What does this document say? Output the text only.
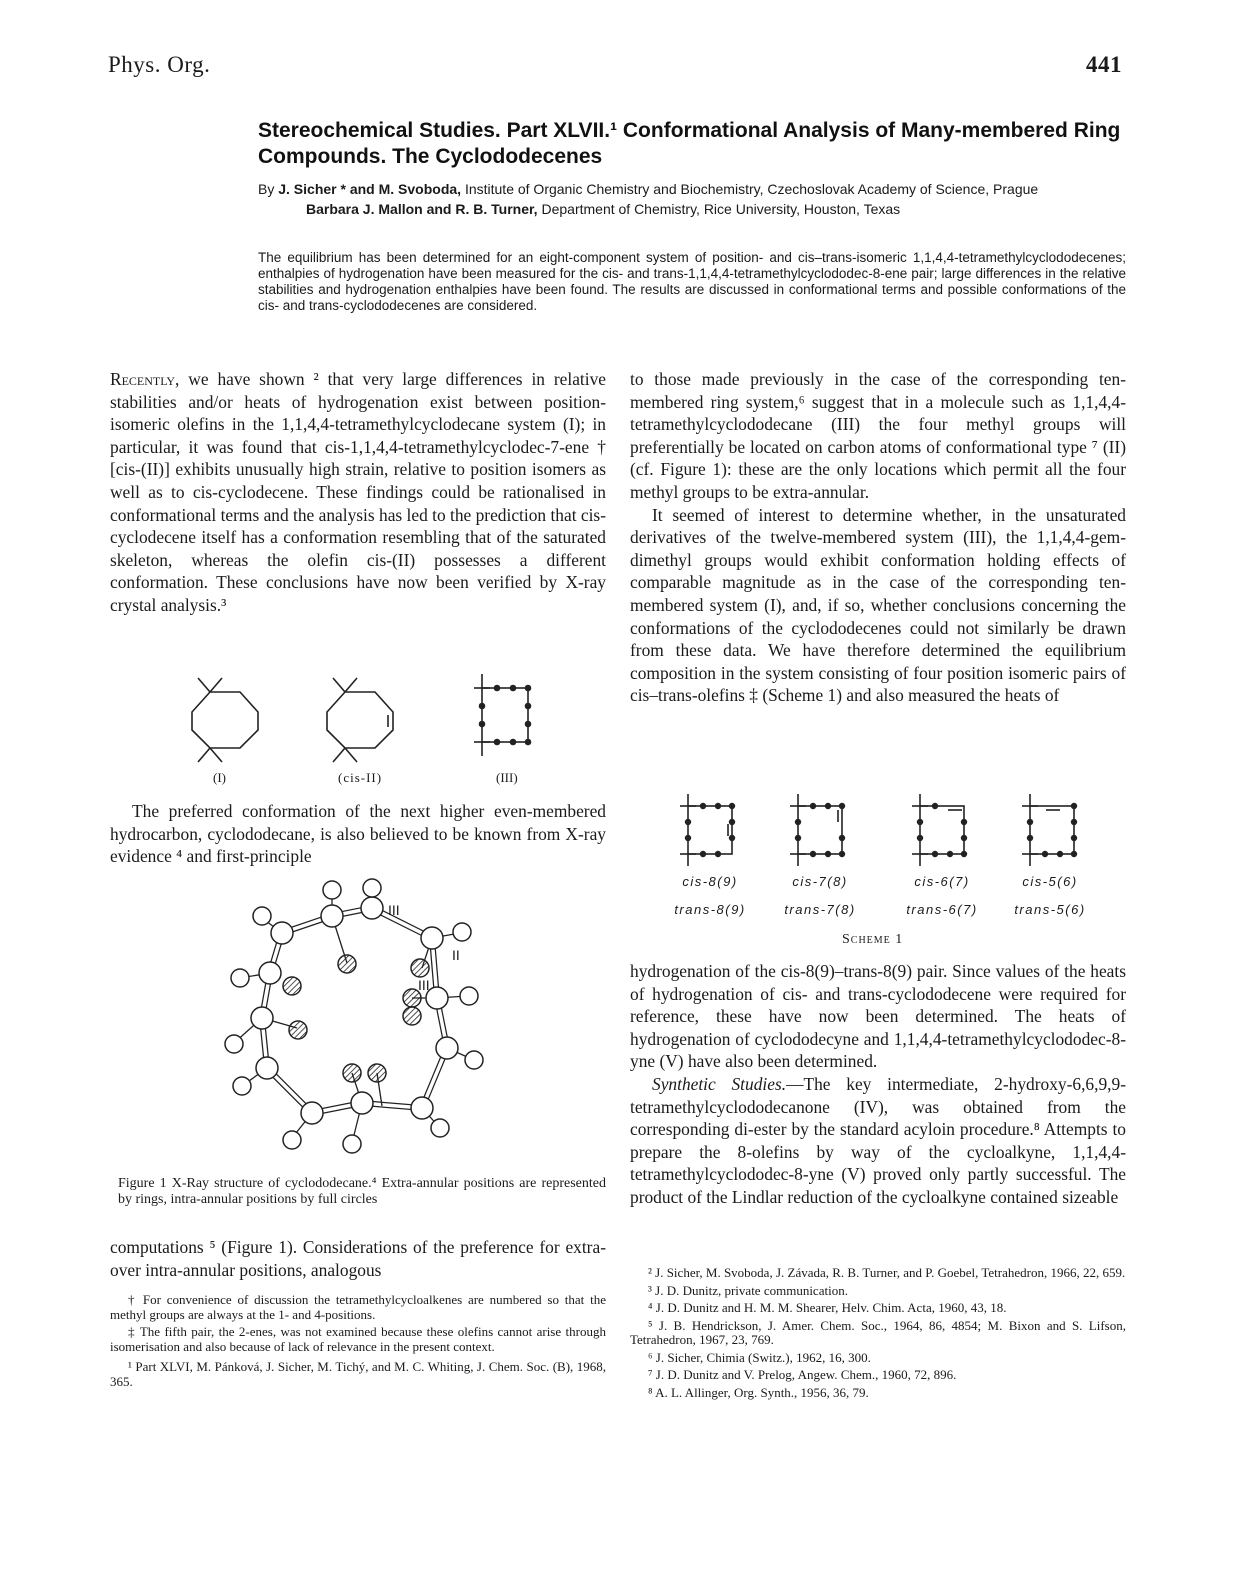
Phys. Org.	441
Stereochemical Studies. Part XLVII.¹ Conformational Analysis of Many-membered Ring Compounds. The Cyclododecenes
By J. Sicher * and M. Svoboda, Institute of Organic Chemistry and Biochemistry, Czechoslovak Academy of Science, Prague
Barbara J. Mallon and R. B. Turner, Department of Chemistry, Rice University, Houston, Texas
The equilibrium has been determined for an eight-component system of position- and cis–trans-isomeric 1,1,4,4-tetramethylcyclododecenes; enthalpies of hydrogenation have been measured for the cis- and trans-1,1,4,4-tetramethylcyclododec-8-ene pair; large differences in the relative stabilities and hydrogenation enthalpies have been found. The results are discussed in conformational terms and possible conformations of the cis- and trans-cyclododecenes are considered.

Recently, we have shown ² that very large differences in relative stabilities and/or heats of hydrogenation exist between position-isomeric olefins in the 1,1,4,4-tetramethylcyclodecane system (I); in particular, it was found that cis-1,1,4,4-tetramethylcyclodec-7-ene † [cis-(II)] exhibits unusually high strain, relative to position isomers as well as to cis-cyclodecene. These findings could be rationalised in conformational terms and the analysis has led to the prediction that cis-cyclodecene itself has a conformation resembling that of the saturated skeleton, whereas the olefin cis-(II) possesses a different conformation. These conclusions have now been verified by X-ray crystal analysis.³

(I)	(cis-II)	(III)

The preferred conformation of the next higher even-membered hydrocarbon, cyclododecane, is also believed to be known from X-ray evidence ⁴ and first-principle

III
II
III
Figure 1 X-Ray structure of cyclododecane.⁴ Extra-annular positions are represented by rings, intra-annular positions by full circles

computations ⁵ (Figure 1). Considerations of the preference for extra- over intra-annular positions, analogous

† For convenience of discussion the tetramethylcycloalkenes are numbered so that the methyl groups are always at the 1- and 4-positions.

‡ The fifth pair, the 2-enes, was not examined because these olefins cannot arise through isomerisation and also because of lack of relevance in the present context.

¹ Part XLVI, M. Pánková, J. Sicher, M. Tichý, and M. C. Whiting, J. Chem. Soc. (B), 1968, 365.

to those made previously in the case of the corresponding ten-membered ring system,⁶ suggest that in a molecule such as 1,1,4,4-tetramethylcyclododecane (III) the four methyl groups will preferentially be located on carbon atoms of conformational type ⁷ (II) (cf. Figure 1): these are the only locations which permit all the four methyl groups to be extra-annular.

It seemed of interest to determine whether, in the unsaturated derivatives of the twelve-membered system (III), the 1,1,4,4-gem-dimethyl groups would exhibit conformation holding effects of comparable magnitude as in the case of the corresponding ten-membered system (I), and, if so, whether conclusions concerning the conformations of the cyclododecenes could not similarly be drawn from these data. We have therefore determined the equilibrium composition in the system consisting of four position isomeric pairs of cis–trans-olefins ‡ (Scheme 1) and also measured the heats of

cis-8(9)	cis-7(8)	cis-6(7)	cis-5(6)
trans-8(9)	trans-7(8)	trans-6(7)	trans-5(6)
Scheme 1

hydrogenation of the cis-8(9)–trans-8(9) pair. Since values of the heats of hydrogenation of cis- and trans-cyclododecene were required for reference, these have now been determined. The heats of hydrogenation of cyclododecyne and 1,1,4,4-tetramethylcyclododec-8-yne (V) have also been determined.

Synthetic Studies.—The key intermediate, 2-hydroxy-6,6,9,9-tetramethylcyclododecanone (IV), was obtained from the corresponding di-ester by the standard acyloin procedure.⁸ Attempts to prepare the 8-olefins by way of the cycloalkyne, 1,1,4,4-tetramethylcyclododec-8-yne (V) proved only partly successful. The product of the Lindlar reduction of the cycloalkyne contained sizeable

² J. Sicher, M. Svoboda, J. Závada, R. B. Turner, and P. Goebel, Tetrahedron, 1966, 22, 659.

³ J. D. Dunitz, private communication.

⁴ J. D. Dunitz and H. M. M. Shearer, Helv. Chim. Acta, 1960, 43, 18.

⁵ J. B. Hendrickson, J. Amer. Chem. Soc., 1964, 86, 4854; M. Bixon and S. Lifson, Tetrahedron, 1967, 23, 769.

⁶ J. Sicher, Chimia (Switz.), 1962, 16, 300.

⁷ J. D. Dunitz and V. Prelog, Angew. Chem., 1960, 72, 896.

⁸ A. L. Allinger, Org. Synth., 1956, 36, 79.
